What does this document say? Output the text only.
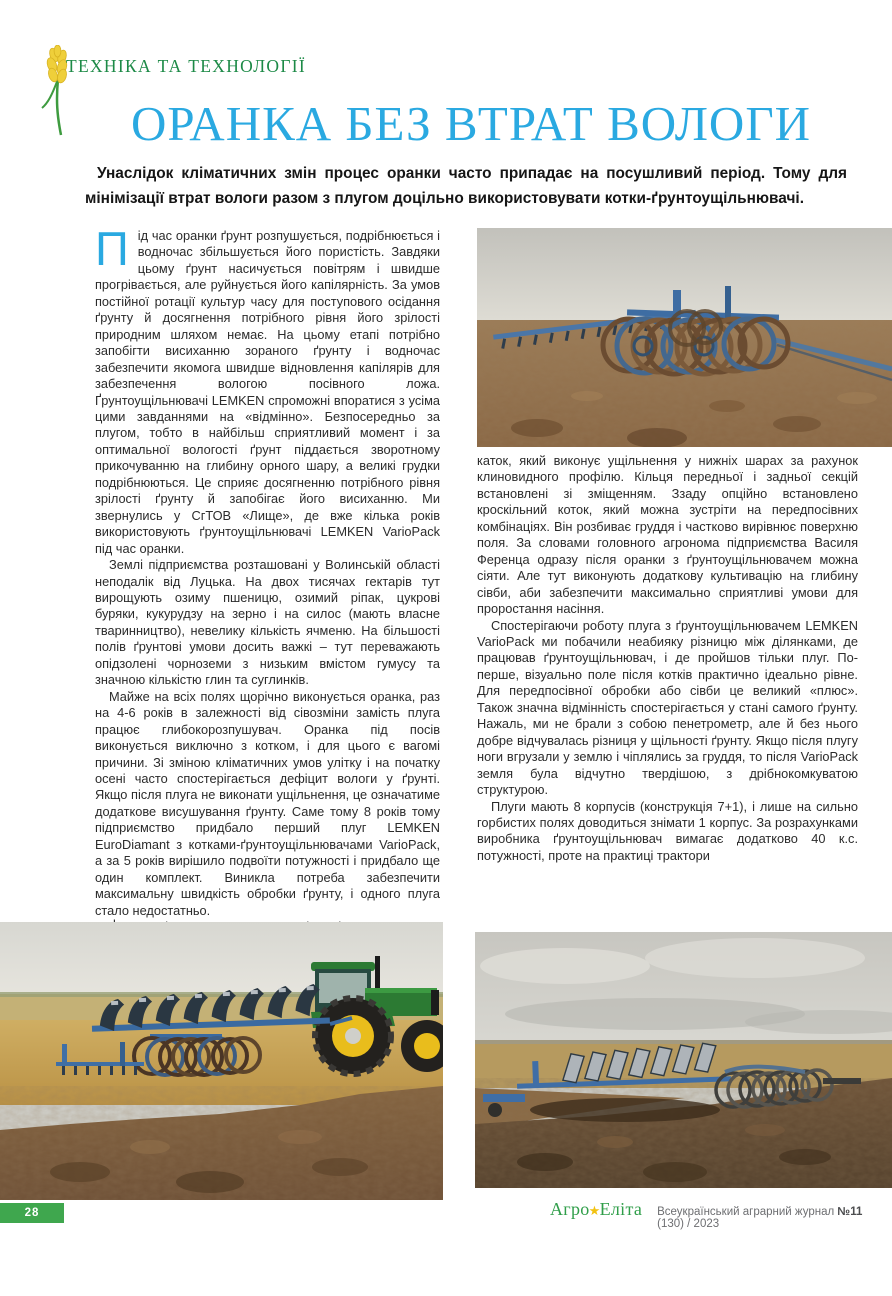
ТЕХНІКА ТА ТЕХНОЛОГІЇ
ОРАНКА БЕЗ ВТРАТ ВОЛОГИ

Унаслідок кліматичних змін процес оранки часто припадає на посушливий період. Тому для мінімізації втрат вологи разом з плугом доцільно використовувати котки-ґрунтоущільнювачі.

Під час оранки ґрунт розпушується, подрібнюється і водночас збільшується його пористість. Завдяки цьому ґрунт насичується повітрям і швидше прогрівається, але руйнується його капілярність. За умов постійної ротації культур часу для поступового осідання ґрунту й досягнення потрібного рівня його зрілості природним шляхом немає. На цьому етапі потрібно запобігти висиханню зораного ґрунту і водночас забезпечити якомога швидше відновлення капілярів для забезпечення вологою посівного ложа. Ґрунтоущільнювачі LEMKEN спроможні впоратися з усіма цими завданнями на «відмінно». Безпосередньо за плугом, тобто в найбільш сприятливий момент і за оптимальної вологості ґрунт піддається зворотному прикочуванню на глибину орного шару, а великі грудки подрібнюються. Це сприяє досягненню потрібного рівня зрілості ґрунту й запобігає його висиханню. Ми звернулись у СгТОВ «Лище», де вже кілька років використовують ґрунтоущільнювачі LEMKEN VarioPack під час оранки.

Землі підприємства розташовані у Волинській області неподалік від Луцька. На двох тисячах гектарів тут вирощують озиму пшеницю, озимий ріпак, цукрові буряки, кукурудзу на зерно і на силос (мають власне тваринництво), невелику кількість ячменю. На більшості полів ґрунтові умови досить важкі – тут переважають опідзолені чорноземи з низьким вмістом гумусу та значною кількістю глин та суглинків.

Майже на всіх полях щорічно виконується оранка, раз на 4-6 років в залежності від сівозміни замість плуга працює глибокорозпушувач. Оранка під посів виконується виключно з котком, і для цього є вагомі причини. Зі зміною кліматичних умов улітку і на початку осені часто спостерігається дефіцит вологи у ґрунті. Якщо після плуга не виконати ущільнення, це означатиме додаткове висушування ґрунту. Саме тому 8 років тому підприємство придбало перший плуг LEMKEN EuroDiamant з котками-ґрунтоущільнювачами VarioPack, а за 5 років вирішило подвоїти потужності і придбало ще один комплект. Виникла потреба забезпечити максимальну швидкість обробки ґрунту, і одного плуга стало недостатньо.

каток, який виконує ущільнення у нижніх шарах за рахунок клиновидного профілю. Кільця передньої і задньої секцій встановлені зі зміщенням. Ззаду опційно встановлено кроскільний коток, який можна зустріти на передпосівних комбінаціях. Він розбиває груддя і частково вирівнює поверхню поля. За словами головного агронома підприємства Василя Ференца одразу після оранки з ґрунтоущільнювачем можна сіяти. Але тут виконують додаткову культивацію на глибину сівби, аби забезпечити максимально сприятливі умови для проростання насіння.

Спостерігаючи роботу плуга з ґрунтоущільнювачем LEMKEN VarioPack ми побачили неабияку різницю між ділянками, де працював ґрунтоущільнювач, і де пройшов тільки плуг. По-перше, візуально поле після котків практично ідеально рівне. Для передпосівної обробки або сівби це великий «плюс». Також значна відмінність спостерігається у стані самого ґрунту. Нажаль, ми не брали з собою пенетрометр, але й без нього добре відчувалась різниця у щільності ґрунту. Якщо після плугу ноги вгрузали у землю і чіплялись за груддя, то після VarioPack земля була відчутно твердішою, з дрібнокомкуватою структурою.

Плуги мають 8 корпусів (конструкція 7+1), і лише на сильно горбистих полях доводиться знімати 1 корпус. За розрахунками виробника ґрунтоущільнювач вимагає додатково 40 к.с. потужності, проте на практиці трактори

28	Агро★Еліта Всеукраїнський аграрний журнал №11 (130) / 2023
